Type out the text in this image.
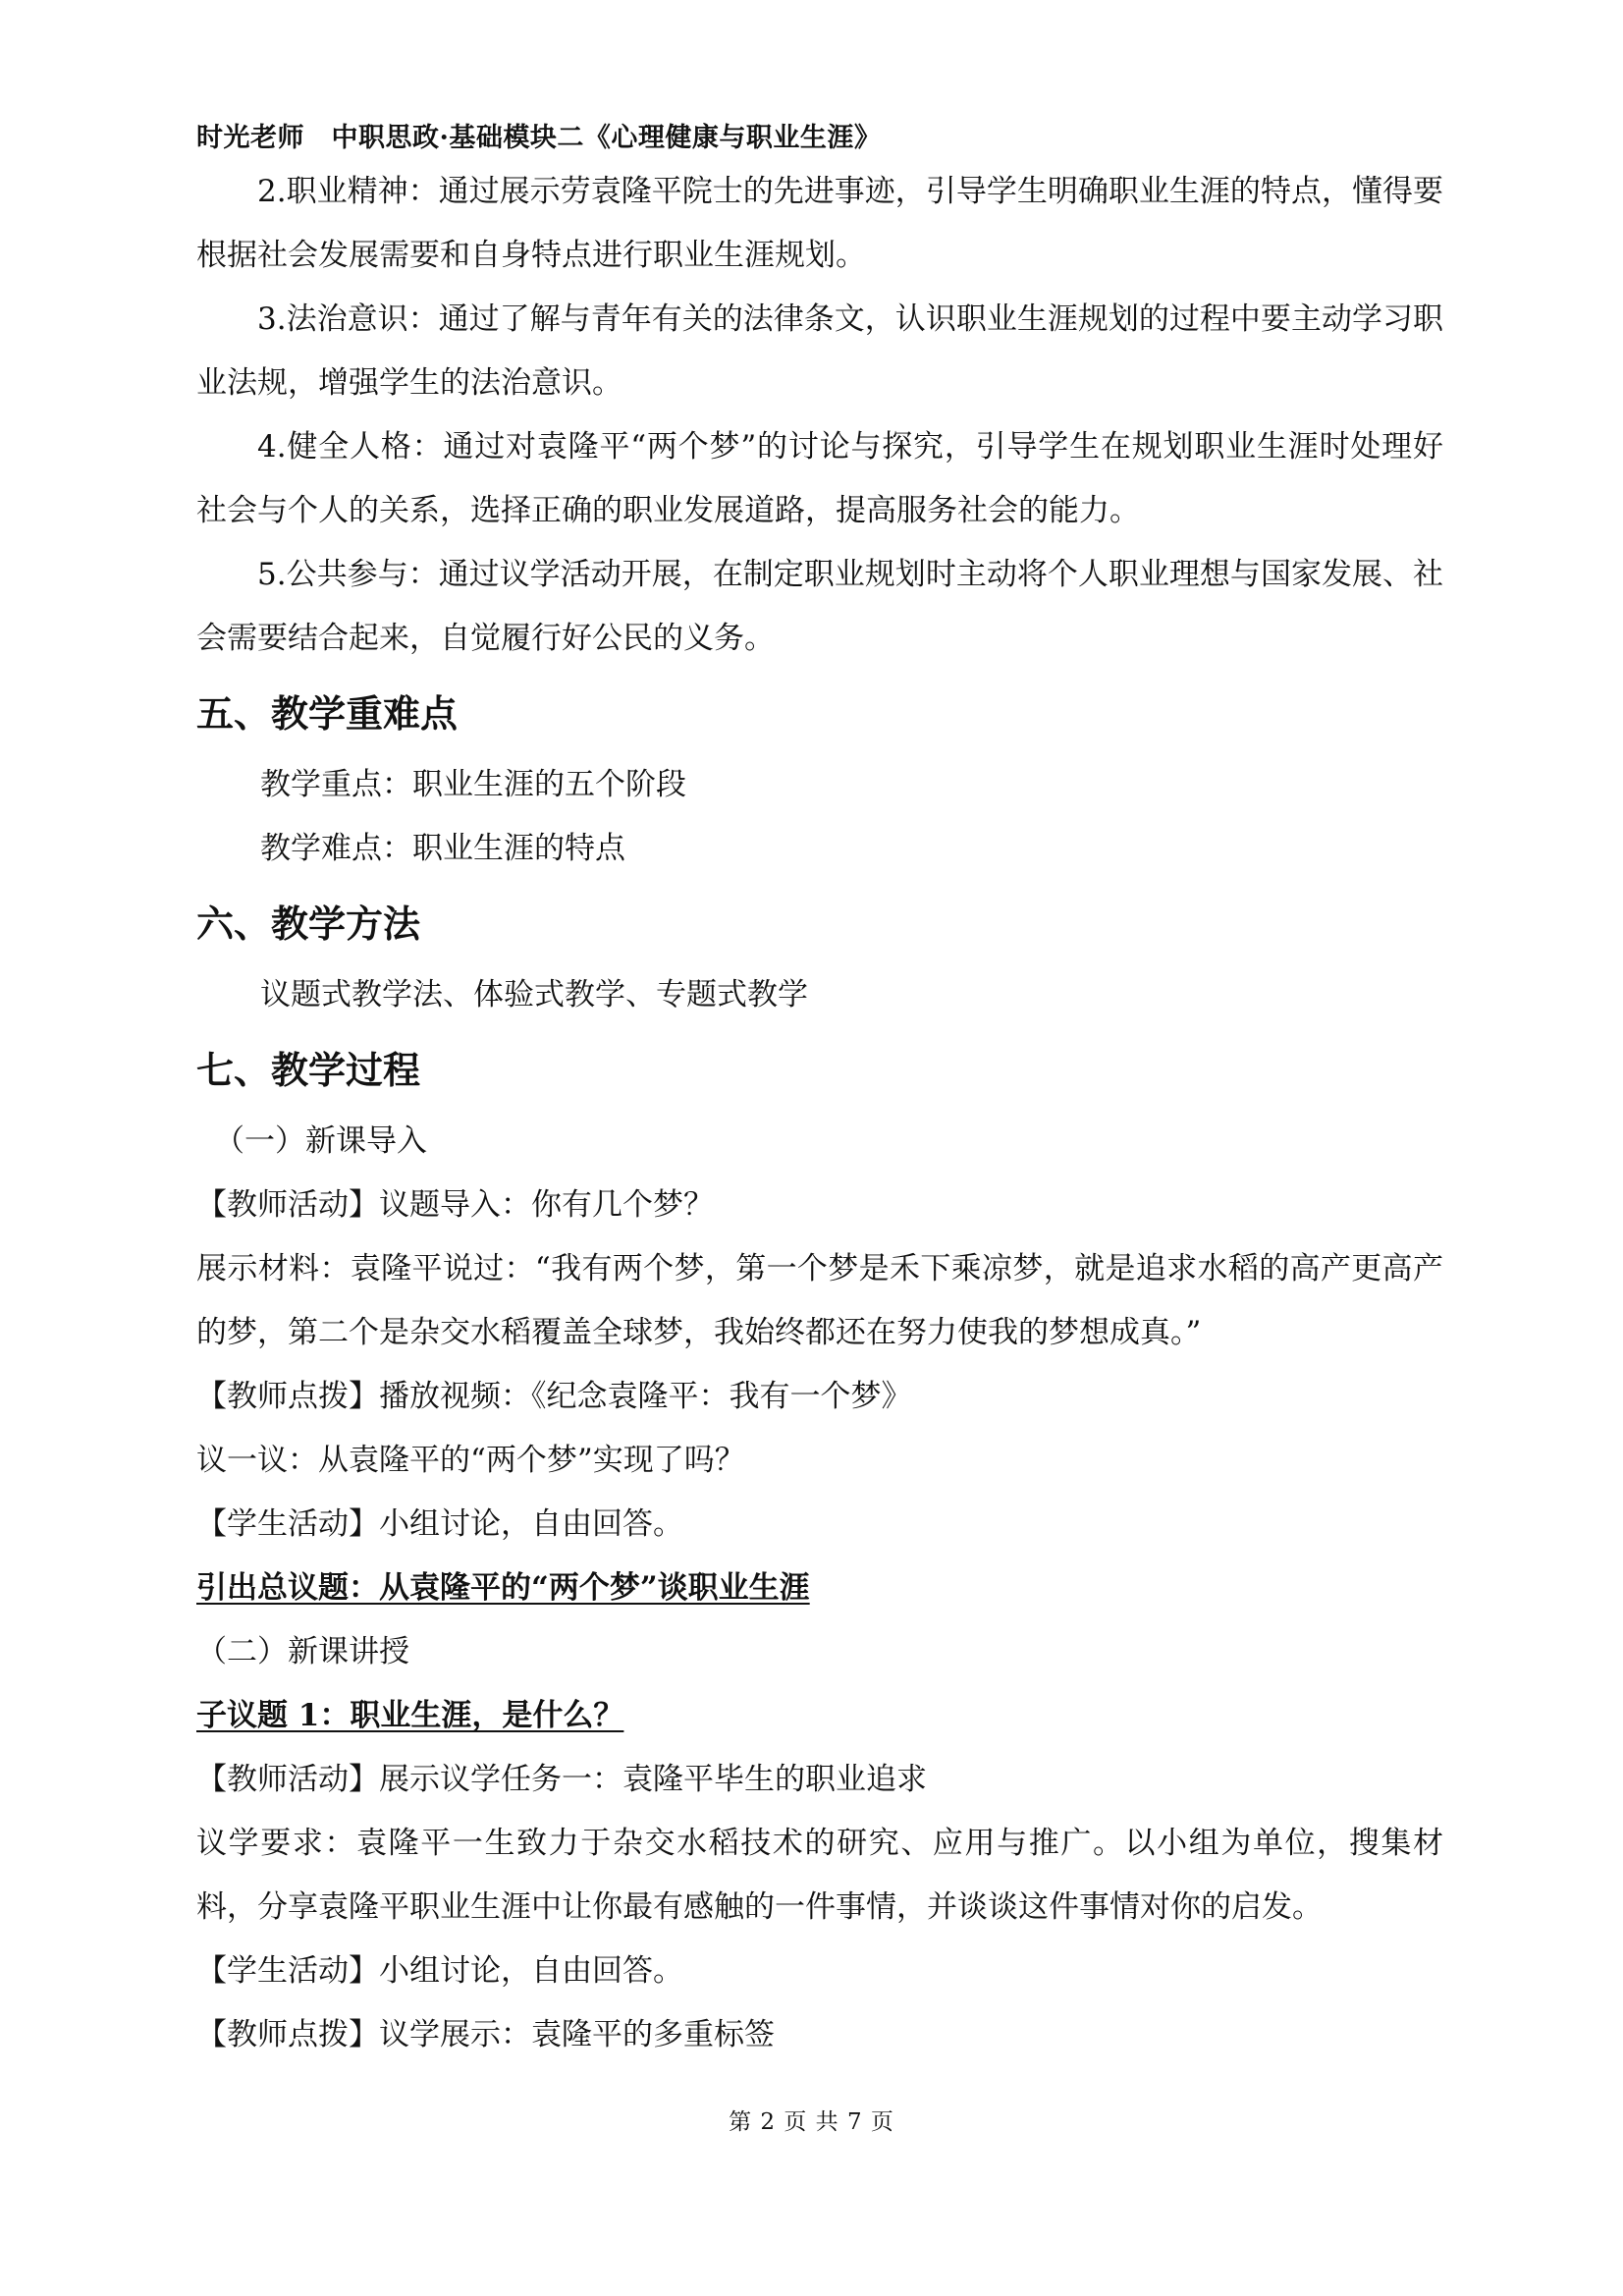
时光老师　中职思政·基础模块二《心理健康与职业生涯》

2.职业精神：通过展示劳袁隆平院士的先进事迹，引导学生明确职业生涯的特点，懂得要根据社会发展需要和自身特点进行职业生涯规划。

3.法治意识：通过了解与青年有关的法律条文，认识职业生涯规划的过程中要主动学习职业法规，增强学生的法治意识。

4.健全人格：通过对袁隆平“两个梦”的讨论与探究，引导学生在规划职业生涯时处理好社会与个人的关系，选择正确的职业发展道路，提高服务社会的能力。

5.公共参与：通过议学活动开展，在制定职业规划时主动将个人职业理想与国家发展、社会需要结合起来，自觉履行好公民的义务。

五、教学重难点

教学重点：职业生涯的五个阶段

教学难点：职业生涯的特点

六、教学方法

议题式教学法、体验式教学、专题式教学

七、教学过程

（一）新课导入

【教师活动】议题导入：你有几个梦？

展示材料：袁隆平说过：“我有两个梦，第一个梦是禾下乘凉梦，就是追求水稻的高产更高产的梦，第二个是杂交水稻覆盖全球梦，我始终都还在努力使我的梦想成真。”

【教师点拨】播放视频：《纪念袁隆平：我有一个梦》

议一议：从袁隆平的“两个梦”实现了吗？

【学生活动】小组讨论，自由回答。

引出总议题：从袁隆平的“两个梦”谈职业生涯

（二）新课讲授

子议题 1：职业生涯，是什么？

【教师活动】展示议学任务一：袁隆平毕生的职业追求

议学要求：袁隆平一生致力于杂交水稻技术的研究、应用与推广。以小组为单位，搜集材料，分享袁隆平职业生涯中让你最有感触的一件事情，并谈谈这件事情对你的启发。

【学生活动】小组讨论，自由回答。

【教师点拨】议学展示：袁隆平的多重标签

第 2 页 共 7 页
